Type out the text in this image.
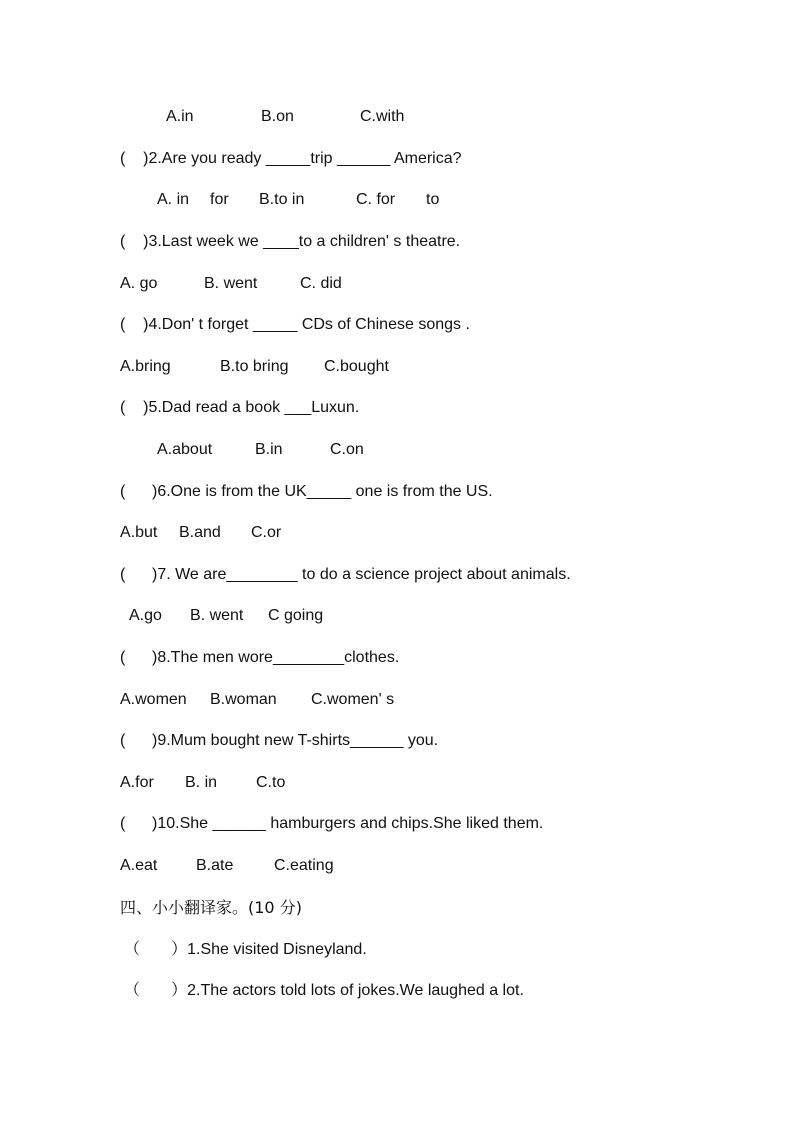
A.in	B.on	C.with
(    )2.Are you ready _____trip ______ America?
A. in for B.to in	C. for to
(    )3.Last week we ____to a children' s theatre.
A. go	B. went	C. did
(    )4.Don' t forget _____ CDs of Chinese songs .
A.bring	B.to bring C.bought
(    )5.Dad read a book ___Luxun.
A.about	B.in	C.on
(      )6.One is from the UK_____ one is from the US.
A.but B.and C.or
(      )7. We are________ to do a science project about animals.
A.go B. went C going
(      )8.The men wore________clothes.
A.women B.woman C.women' s
(      )9.Mum bought new T-shirts______ you.
A.for B. in C.to
(      )10.She ______ hamburgers and chips.She liked them.
A.eat B.ate	C.eating
四、小小翻译家。(10 分)
（       ）1.She visited Disneyland.
（       ）2.The actors told lots of jokes.We laughed a lot.
